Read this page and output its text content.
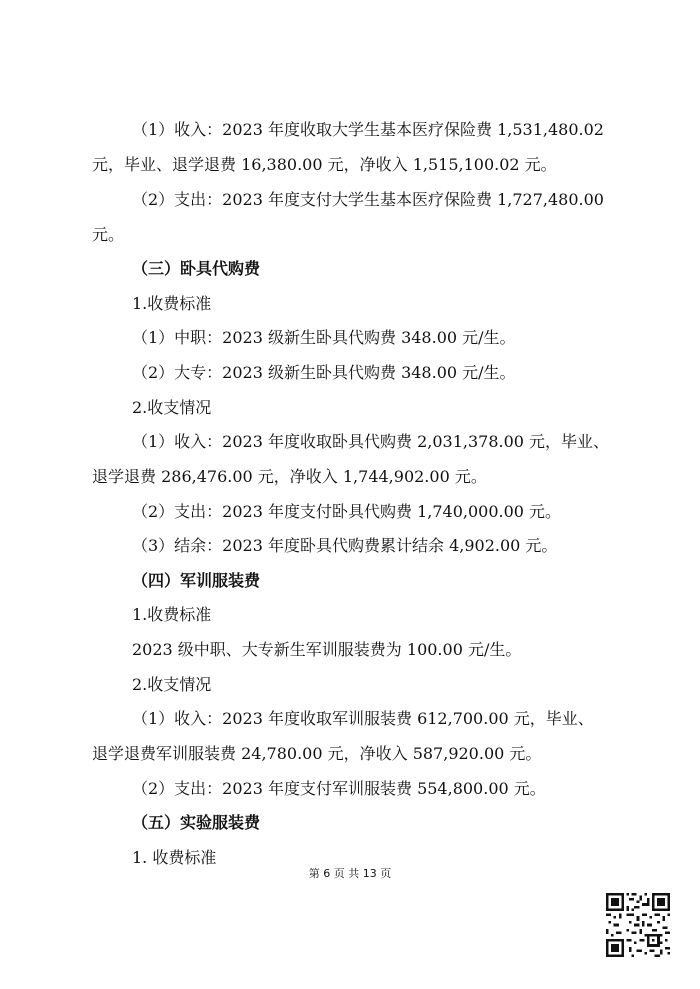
（1）收入：2023 年度收取大学生基本医疗保险费 1,531,480.02
元，毕业、退学退费 16,380.00 元，净收入 1,515,100.02 元。
（2）支出：2023 年度支付大学生基本医疗保险费 1,727,480.00
元。
（三）卧具代购费
1.收费标准
（1）中职：2023 级新生卧具代购费 348.00 元/生。
（2）大专：2023 级新生卧具代购费 348.00 元/生。
2.收支情况
（1）收入：2023 年度收取卧具代购费 2,031,378.00 元，毕业、
退学退费 286,476.00 元，净收入 1,744,902.00 元。
（2）支出：2023 年度支付卧具代购费 1,740,000.00 元。
（3）结余：2023 年度卧具代购费累计结余 4,902.00 元。
（四）军训服装费
1.收费标准
2023 级中职、大专新生军训服装费为 100.00 元/生。
2.收支情况
（1）收入：2023 年度收取军训服装费 612,700.00 元，毕业、
退学退费军训服装费 24,780.00 元，净收入 587,920.00 元。
（2）支出：2023 年度支付军训服装费 554,800.00 元。
（五）实验服装费
1. 收费标准
第 6 页 共 13 页
